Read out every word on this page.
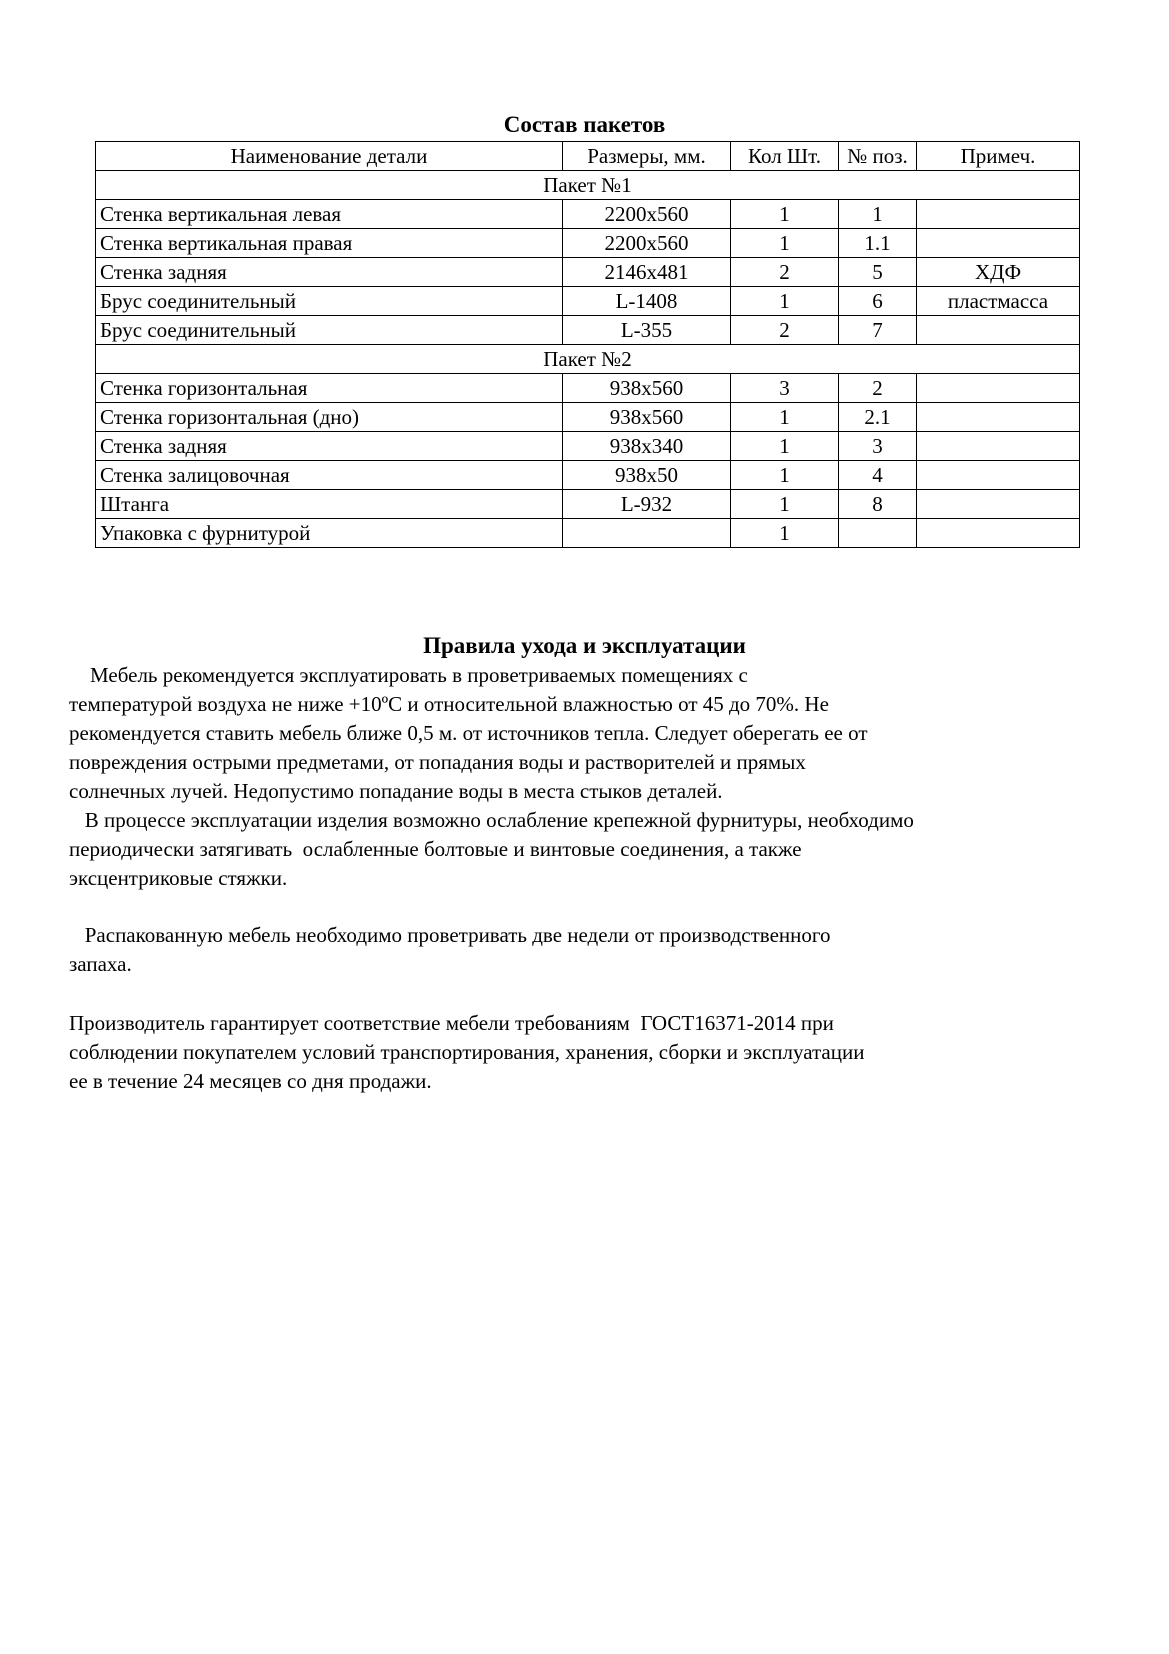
Состав пакетов
Наименование детали	Размеры, мм.	Кол Шт.	№ поз.	Примеч.
Пакет №1				
Стенка вертикальная левая	2200x560	1	1	
Стенка вертикальная правая	2200x560	1	1.1	
Стенка задняя	2146x481	2	5	ХДФ
Брус соединительный	L-1408	1	6	пластмасса
Брус соединительный	L-355	2	7	
Пакет №2				
Стенка горизонтальная	938x560	3	2	
Стенка горизонтальная (дно)	938x560	1	2.1	
Стенка задняя	938x340	1	3	
Стенка залицовочная	938x50	1	4	
Штанга	L-932	1	8	
Упаковка с фурнитурой		1		
Правила ухода и эксплуатации
Мебель рекомендуется эксплуатировать в проветриваемых помещениях с
температурой воздуха не ниже +10ºС и относительной влажностью от 45 до 70%. Не
рекомендуется ставить мебель ближе 0,5 м. от источников тепла. Следует оберегать ее от
повреждения острыми предметами, от попадания воды и растворителей и прямых
солнечных лучей. Недопустимо попадание воды в места стыков деталей.
В процессе эксплуатации изделия возможно ослабление крепежной фурнитуры, необходимо
периодически затягивать  ослабленные болтовые и винтовые соединения, а также
эксцентриковые стяжки.
Распакованную мебель необходимо проветривать две недели от производственного
запаха.
Производитель гарантирует соответствие мебели требованиям  ГОСТ16371-2014 при
соблюдении покупателем условий транспортирования, хранения, сборки и эксплуатации
ее в течение 24 месяцев со дня продажи.
